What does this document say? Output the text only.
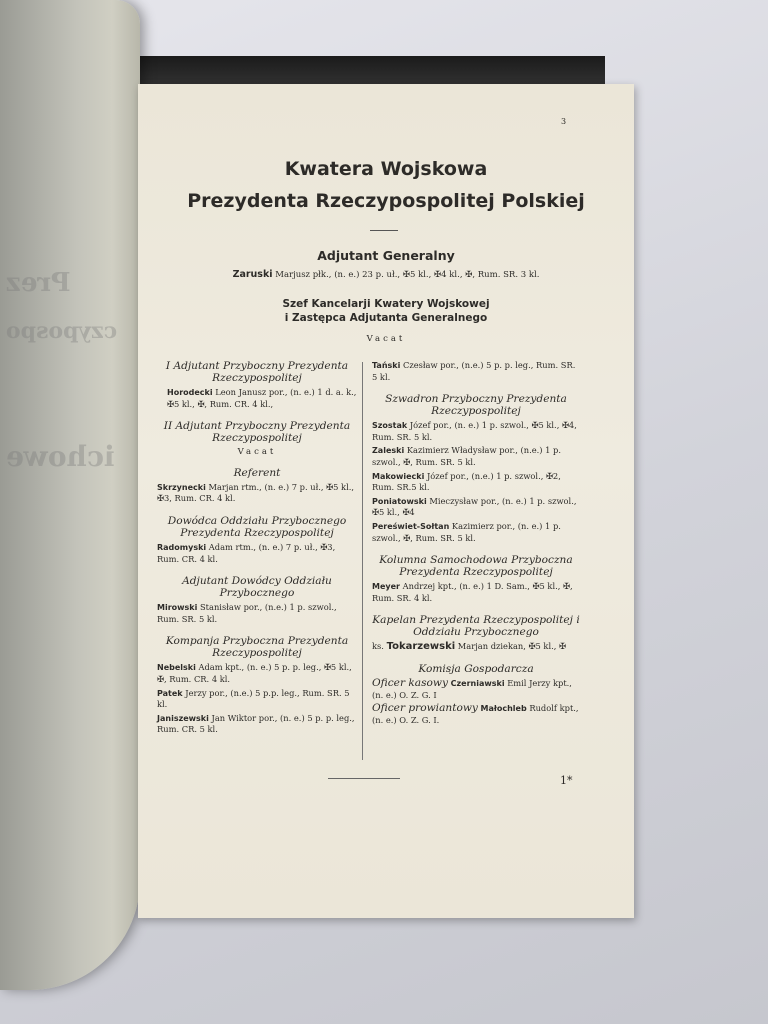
Prez
czypospo
ichowe
3
Kwatera Wojskowa
Prezydenta Rzeczypospolitej Polskiej
Adjutant Generalny
Zaruski Marjusz płk., (n. e.) 23 p. uł., ✠5 kl., ✠4 kl., ✠, Rum. SR. 3 kl.
Szef Kancelarji Kwatery Wojskowej
i Zastępca Adjutanta Generalnego
Vacat
I Adjutant Przyboczny Prezydenta Rzeczypospolitej
Horodecki Leon Janusz por., (n. e.) 1 d. a. k., ✠5 kl., ✠, Rum. CR. 4 kl.,
II Adjutant Przyboczny Prezydenta Rzeczypospolitej
Vacat
Referent
Skrzynecki Marjan rtm., (n. e.) 7 p. uł., ✠5 kl., ✠3, Rum. CR. 4 kl.
Dowódca Oddziału Przybocznego Prezydenta Rzeczypospolitej
Radomyski Adam rtm., (n. e.) 7 p. uł., ✠3, Rum. CR. 4 kl.
Adjutant Dowódcy Oddziału Przybocznego
Mirowski Stanisław por., (n.e.) 1 p. szwol., Rum. SR. 5 kl.
Kompanja Przyboczna Prezydenta Rzeczypospolitej
Nebelski Adam kpt., (n. e.) 5 p. p. leg., ✠5 kl., ✠, Rum. CR. 4 kl.
Patek Jerzy por., (n.e.) 5 p.p. leg., Rum. SR. 5 kl.
Janiszewski Jan Wiktor por., (n. e.) 5 p. p. leg., Rum. CR. 5 kl.
Tański Czesław por., (n.e.) 5 p. p. leg., Rum. SR. 5 kl.
Szwadron Przyboczny Prezydenta Rzeczypospolitej
Szostak Józef por., (n. e.) 1 p. szwol., ✠5 kl., ✠4, Rum. SR. 5 kl.
Zaleski Kazimierz Władysław por., (n.e.) 1 p. szwol., ✠, Rum. SR. 5 kl.
Makowiecki Józef por., (n.e.) 1 p. szwol., ✠2, Rum. SR.5 kl.
Poniatowski Mieczysław por., (n. e.) 1 p. szwol., ✠5 kl., ✠4
Pereświet-Sołtan Kazimierz por., (n. e.) 1 p. szwol., ✠, Rum. SR. 5 kl.
Kolumna Samochodowa Przyboczna Prezydenta Rzeczypospolitej
Meyer Andrzej kpt., (n. e.) 1 D. Sam., ✠5 kl., ✠, Rum. SR. 4 kl.
Kapelan Prezydenta Rzeczypospolitej i Oddziału Przybocznego
ks. Tokarzewski Marjan dziekan, ✠5 kl., ✠
Komisja Gospodarcza
Oficer kasowy Czerniawski Emil Jerzy kpt., (n. e.) O. Z. G. I
Oficer prowiantowy Małochleb Rudolf kpt., (n. e.) O. Z. G. I.
1*
